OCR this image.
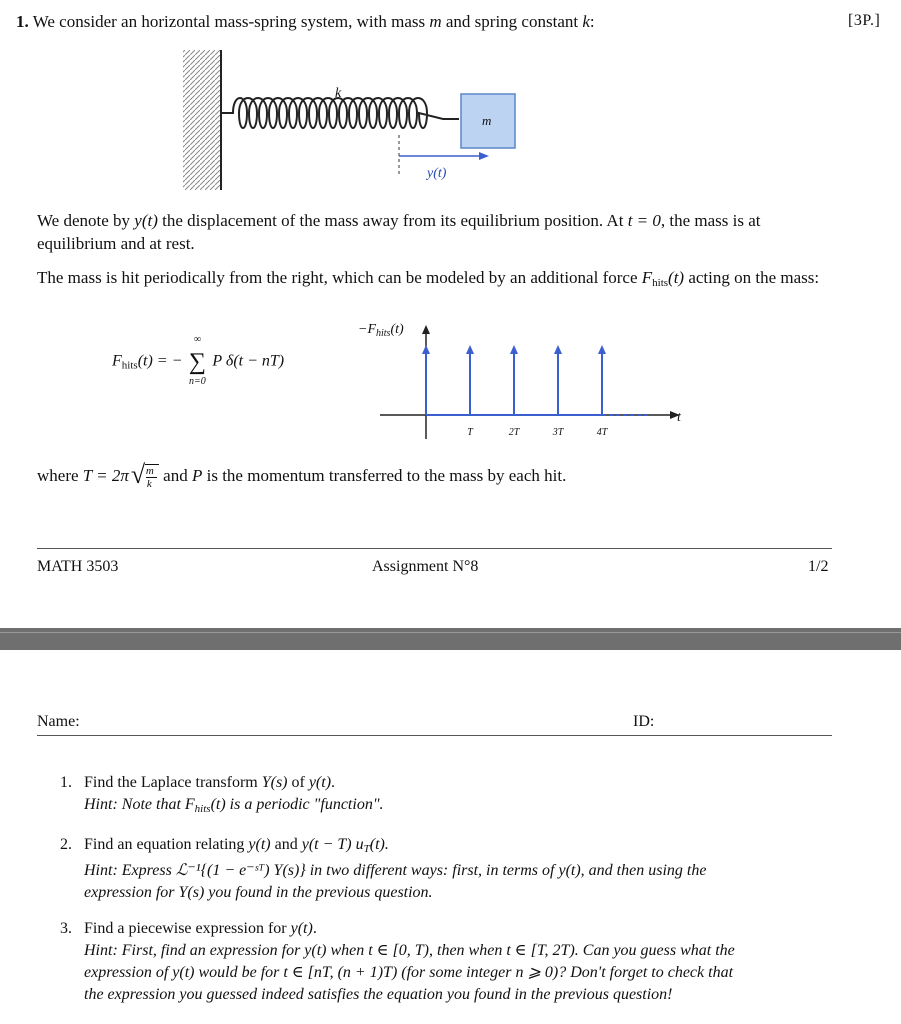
1. We consider an horizontal mass-spring system, with mass m and spring constant k:	[3P.]
k
m
y(t)
We denote by y(t) the displacement of the mass away from its equilibrium position. At t = 0, the mass is at equilibrium and at rest.
The mass is hit periodically from the right, which can be modeled by an additional force $F_{hits}(t)$ acting on the mass:
$F_{hits}(t)$ = −
∞
∑
n=0
P δ(t − nT)
$-F_{hits}(t)$
t
T	2T	3T	4T
where T = 2π √ m
k and P is the momentum transferred to the mass by each hit.
MATH 3503	Assignment N°8	1/2
Name:	ID:
1. Find the Laplace transform Y(s) of y(t).
Hint: Note that $F_{hits}(t)$ is a periodic "function".
2. Find an equation relating y(t) and y(t − T) $u_T(t)$.
Hint: Express ℒ⁻¹{(1 − e⁻ˢᵀ) Y(s)} in two different ways: first, in terms of y(t), and then using the
expression for Y(s) you found in the previous question.
3. Find a piecewise expression for y(t).
Hint: First, find an expression for y(t) when t ∈ [0, T), then when t ∈ [T, 2T). Can you guess what the
expression of y(t) would be for t ∈ [nT, (n + 1)T) (for some integer n ⩾ 0)? Don't forget to check that
the expression you guessed indeed satisfies the equation you found in the previous question!
